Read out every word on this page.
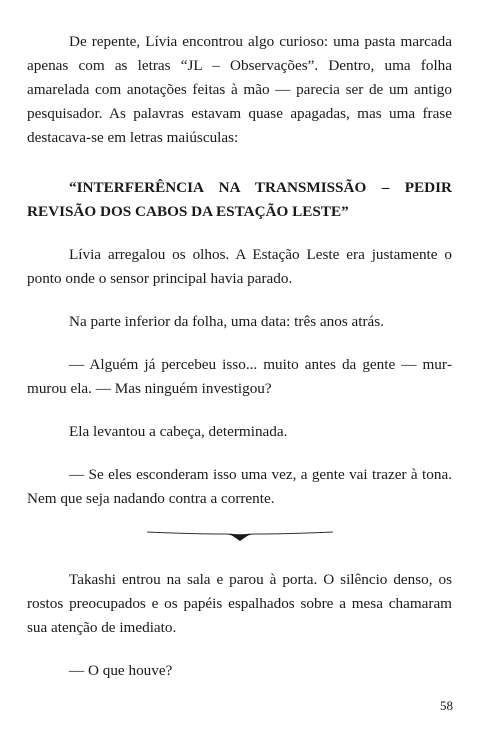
De repente, Lívia encontrou algo curioso: uma pasta marcada apenas com as letras “JL – Observações”. Dentro, uma folha amarelada com anotações feitas à mão — parecia ser de um antigo pesquisador. As palavras estavam quase apagadas, mas uma frase destacava-se em letras maiúsculas:

“INTERFERÊNCIA NA TRANSMISSÃO – PEDIR REVISÃO DOS CABOS DA ESTAÇÃO LESTE”

Lívia arregalou os olhos. A Estação Leste era justamente o ponto onde o sensor principal havia parado.

Na parte inferior da folha, uma data: três anos atrás.

— Alguém já percebeu isso... muito antes da gente — murmurou ela. — Mas ninguém investigou?

Ela levantou a cabeça, determinada.

— Se eles esconderam isso uma vez, a gente vai trazer à tona. Nem que seja nadando contra a corrente.

Takashi entrou na sala e parou à porta. O silêncio denso, os rostos preocupados e os papéis espalhados sobre a mesa chamaram sua atenção de imediato.

— O que houve?

58
